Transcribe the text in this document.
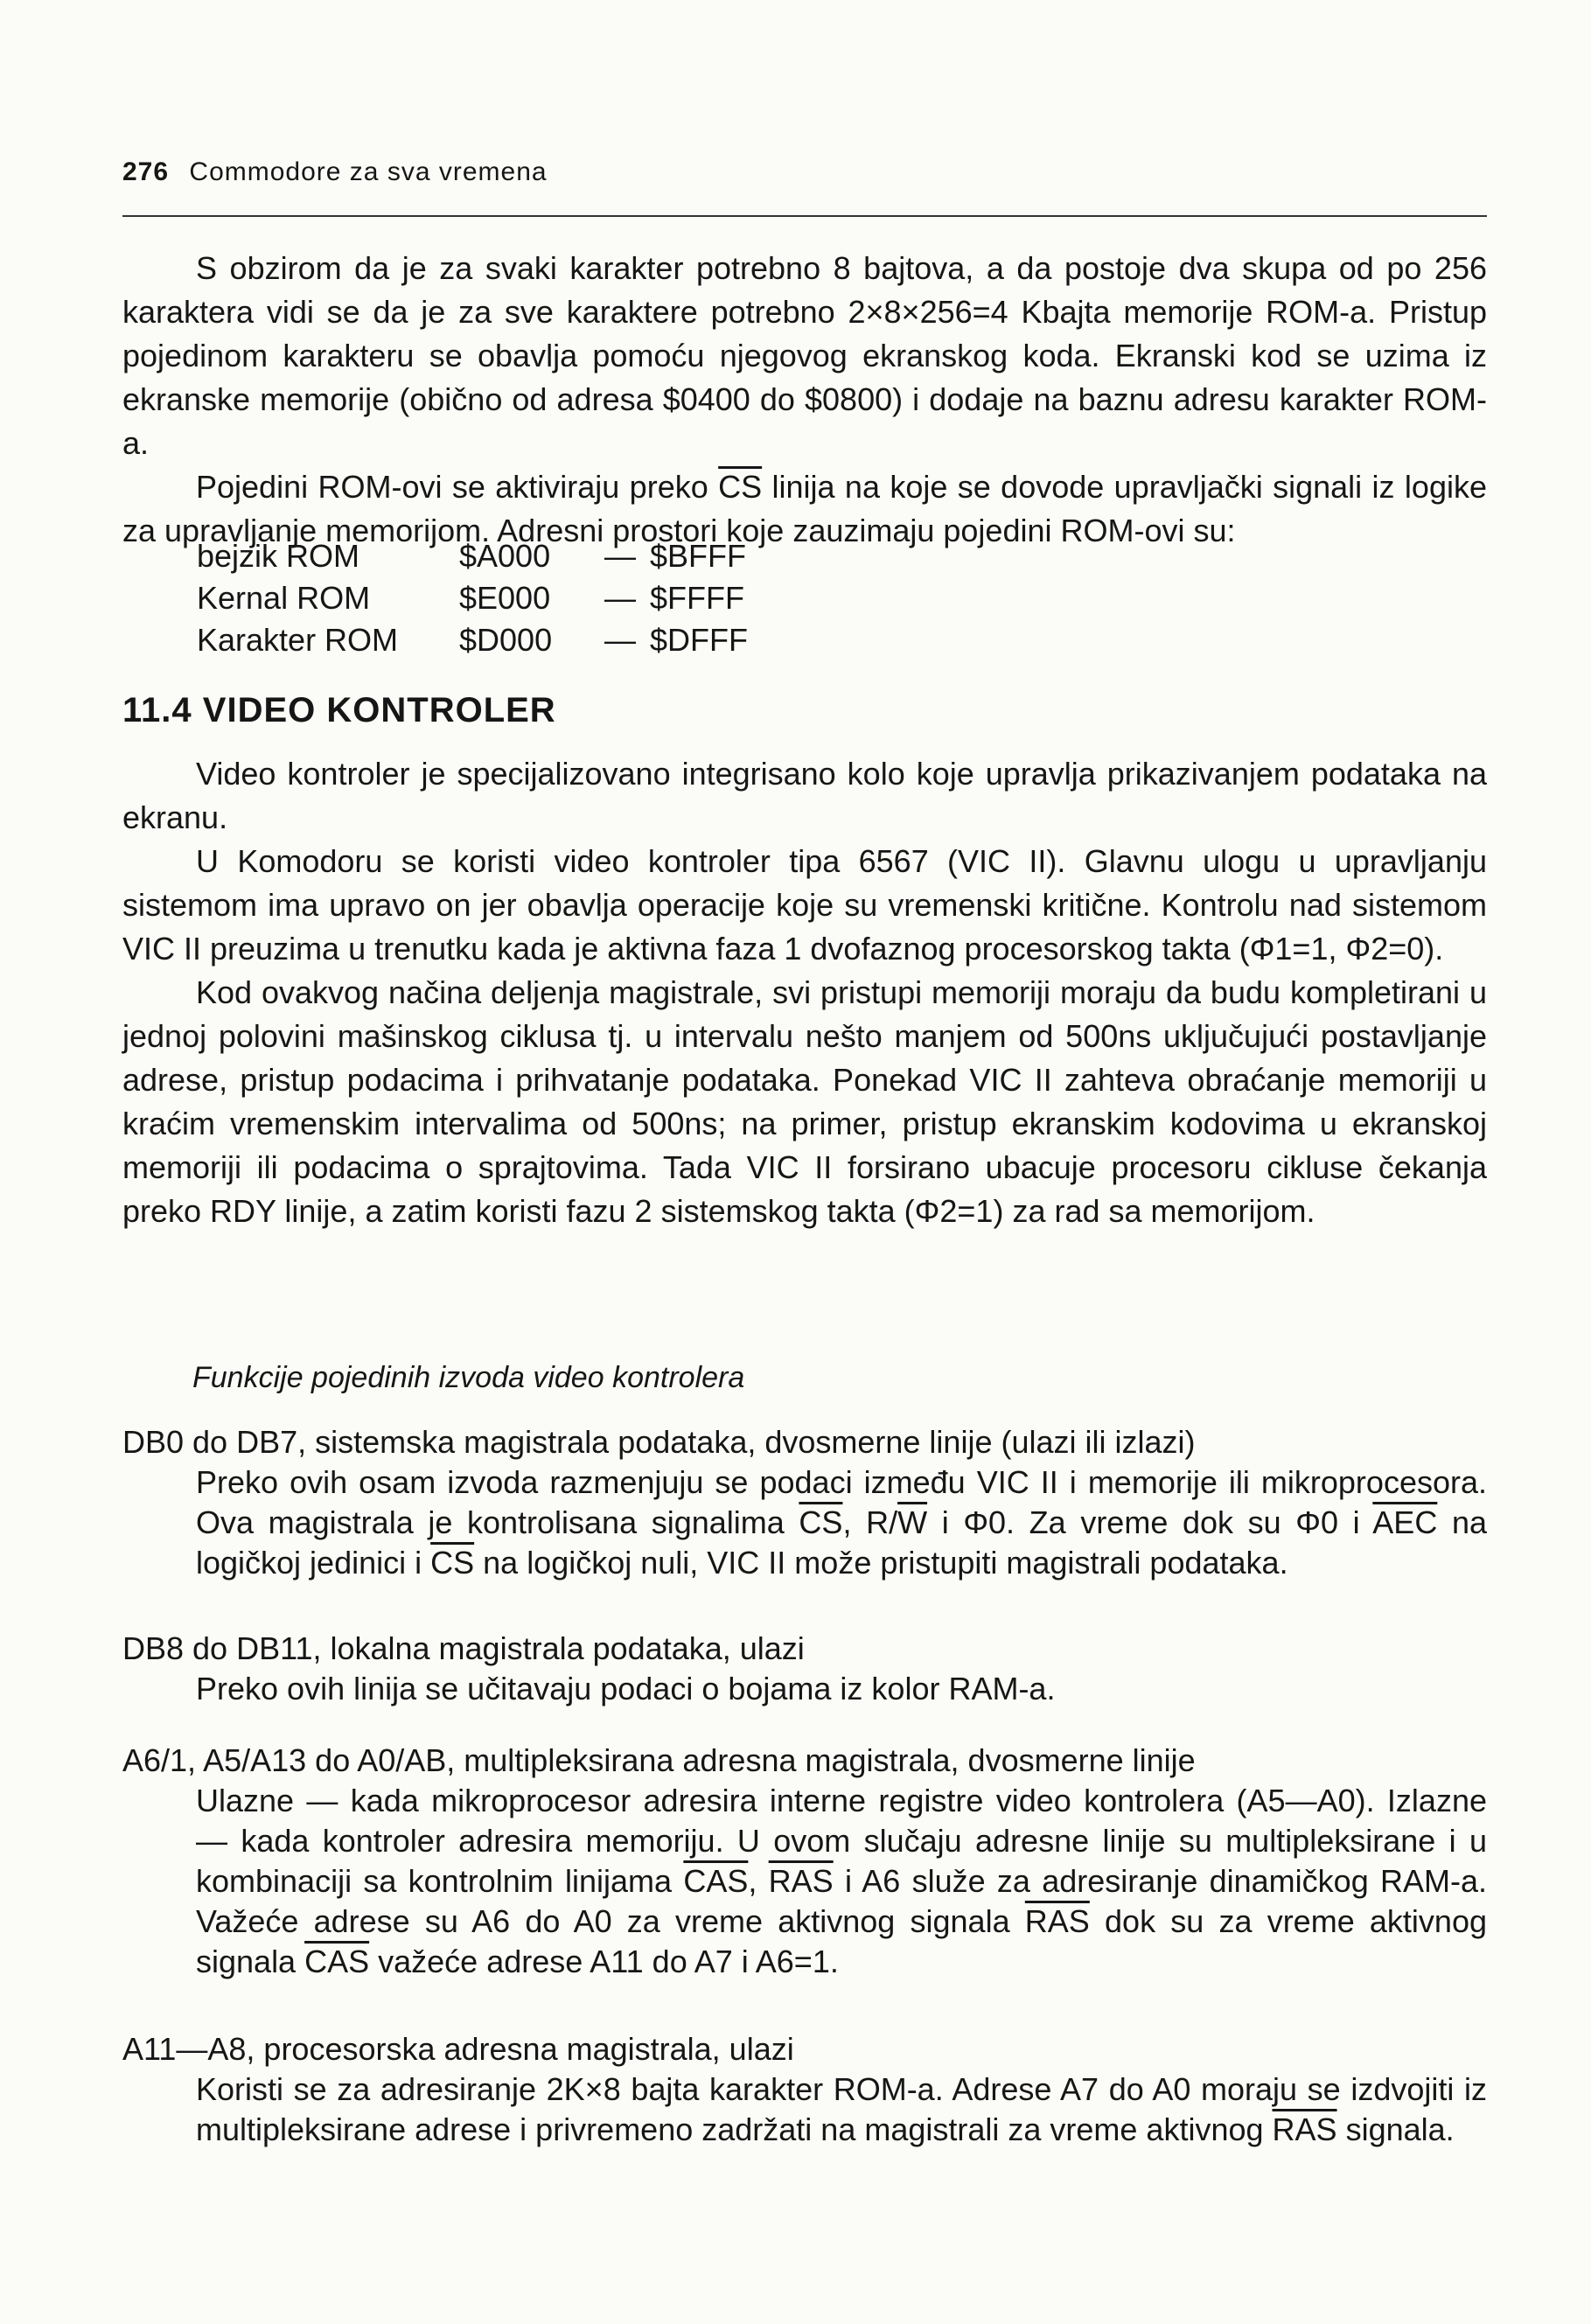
276 Commodore za sva vremena

S obzirom da je za svaki karakter potrebno 8 bajtova, a da postoje dva skupa od po 256 karaktera vidi se da je za sve karaktere potrebno 2×8×256=4 Kbajta memorije ROM-a. Pristup pojedinom karakteru se obavlja pomoću njegovog ekranskog koda. Ekranski kod se uzima iz ekranske memorije (obično od adresa $0400 do $0800) i dodaje na baznu adresu karakter ROM-a.

Pojedini ROM-ovi se aktiviraju preko $\overline{CS}$ linija na koje se dovode upravljački signali iz logike za upravljanje memorijom. Adresni prostori koje zauzimaju pojedini ROM-ovi su:

bejzik ROM	$A000	—	$BFFF
Kernal ROM	$E000	—	$FFFF
Karakter ROM	$D000	—	$DFFF
11.4 VIDEO KONTROLER

Video kontroler je specijalizovano integrisano kolo koje upravlja prikazivanjem podataka na ekranu.

U Komodoru se koristi video kontroler tipa 6567 (VIC II). Glavnu ulogu u upravljanju sistemom ima upravo on jer obavlja operacije koje su vremenski kritične. Kontrolu nad sistemom VIC II preuzima u trenutku kada je aktivna faza 1 dvofaznog procesorskog takta (Φ1=1, Φ2=0).

Kod ovakvog načina deljenja magistrale, svi pristupi memoriji moraju da budu kompletirani u jednoj polovini mašinskog ciklusa tj. u intervalu nešto manjem od 500ns uključujući postavljanje adrese, pristup podacima i prihvatanje podataka. Ponekad VIC II zahteva obraćanje memoriji u kraćim vremenskim intervalima od 500ns; na primer, pristup ekranskim kodovima u ekranskoj memoriji ili podacima o sprajtovima. Tada VIC II forsirano ubacuje procesoru cikluse čekanja preko RDY linije, a zatim koristi fazu 2 sistemskog takta (Φ2=1) za rad sa memorijom.

Funkcije pojedinih izvoda video kontrolera

DB0 do DB7, sistemska magistrala podataka, dvosmerne linije (ulazi ili izlazi)

Preko ovih osam izvoda razmenjuju se podaci između VIC II i memorije ili mikroprocesora. Ova magistrala je kontrolisana signalima $\overline{CS}$, $R/\overline{W}$ i Φ0. Za vreme dok su Φ0 i $\overline{AEC}$ na logičkoj jedinici i $\overline{CS}$ na logičkoj nuli, VIC II može pristupiti magistrali podataka.

DB8 do DB11, lokalna magistrala podataka, ulazi

Preko ovih linija se učitavaju podaci o bojama iz kolor RAM-a.

A6/1, A5/A13 do A0/AB, multipleksirana adresna magistrala, dvosmerne linije

Ulazne — kada mikroprocesor adresira interne registre video kontrolera (A5—A0). Izlazne — kada kontroler adresira memoriju. U ovom slučaju adresne linije su multipleksirane i u kombinaciji sa kontrolnim linijama $\overline{CAS}$, $\overline{RAS}$ i A6 služe za adresiranje dinamičkog RAM-a. Važeće adrese su A6 do A0 za vreme aktivnog signala $\overline{RAS}$ dok su za vreme aktivnog signala $\overline{CAS}$ važeće adrese A11 do A7 i A6=1.

A11—A8, procesorska adresna magistrala, ulazi

Koristi se za adresiranje 2K×8 bajta karakter ROM-a. Adrese A7 do A0 moraju se izdvojiti iz multipleksirane adrese i privremeno zadržati na magistrali za vreme aktivnog $\overline{RAS}$ signala.
